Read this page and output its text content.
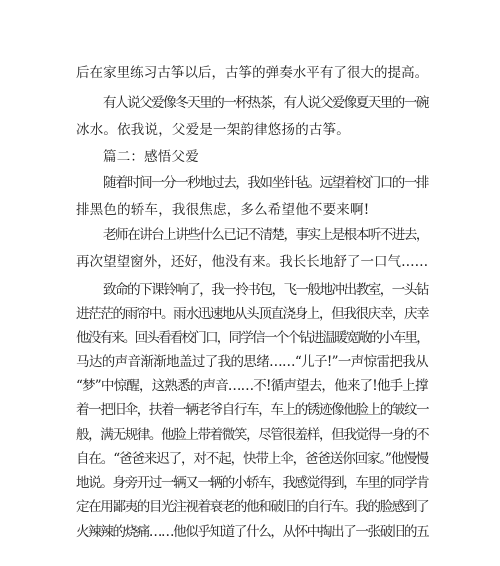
后在家里练习古筝以后，古筝的弹奏水平有了很大的提高。
有人说父爱像冬天里的一杯热茶，有人说父爱像夏天里的一碗
冰水。依我说，父爱是一架韵律悠扬的古筝。
篇二：感悟父爱
随着时间一分一秒地过去，我如坐针毡。远望着校门口的一排
排黑色的轿车，我很焦虑，多么希望他不要来啊!
老师在讲台上讲些什么已记不清楚，事实上是根本听不进去，
再次望望窗外，还好，他没有来。我长长地舒了一口气……
致命的下课铃响了，我一拎书包，飞一般地冲出教室，一头钻
进茫茫的雨帘中。雨水迅速地从头顶直浇身上，但我很庆幸，庆幸
他没有来。回头看看校门口，同学信一个个钻进温暖宽敞的小车里，
马达的声音渐渐地盖过了我的思绪……“儿子!”一声惊雷把我从
“梦”中惊醒，这熟悉的声音……不!循声望去，他来了!他手上撑
着一把旧伞，扶着一辆老爷自行车，车上的锈迹像他脸上的皱纹一
般，满无规律。他脸上带着微笑，尽管很羞样，但我觉得一身的不
自在。“爸爸来迟了，对不起，快带上伞，爸爸送你回家。”他慢慢
地说。身旁开过一辆又一辆的小轿车，我感觉得到，车里的同学肯
定在用鄙夷的目光注视着衰老的他和破旧的自行车。我的脸感到了
火辣辣的烧痛……他似乎知道了什么，从怀中掏出了一张破旧的五
